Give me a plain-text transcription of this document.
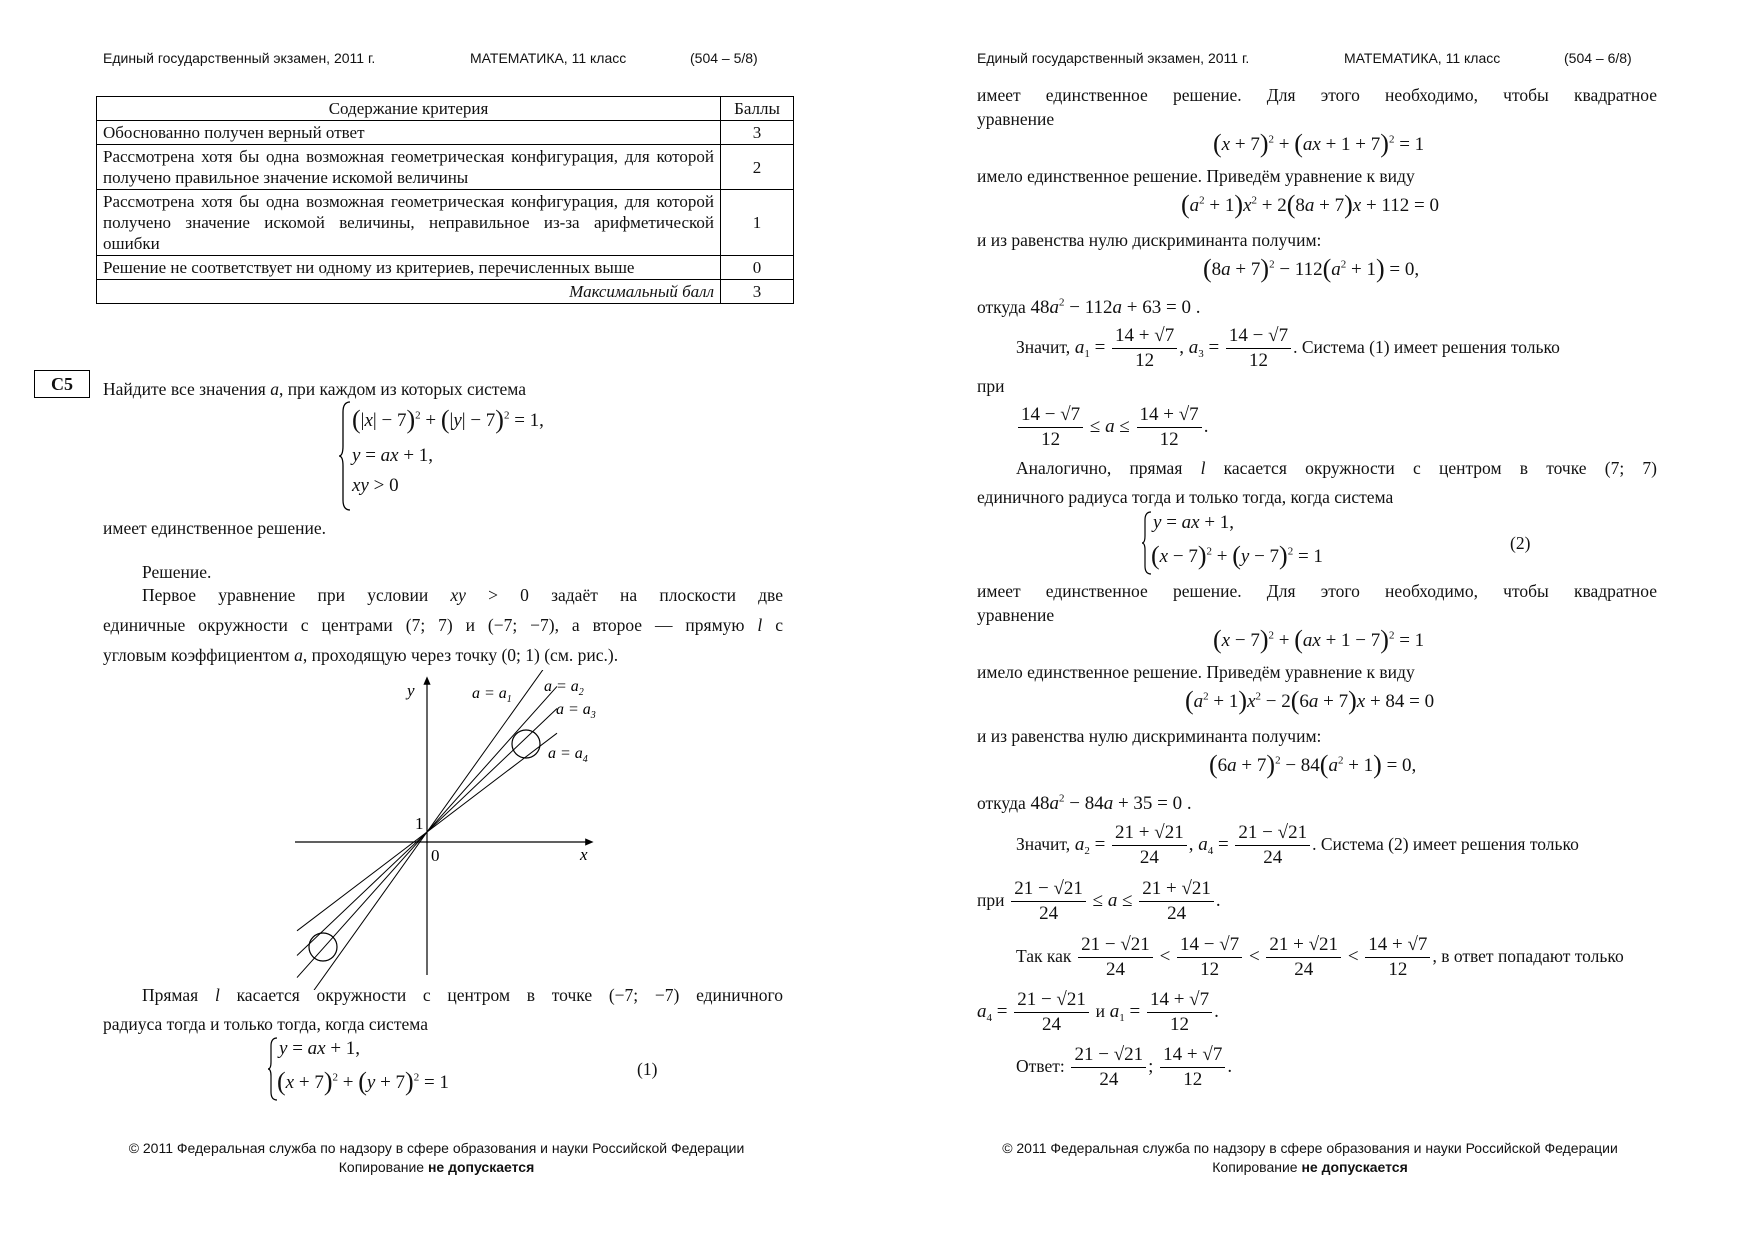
Единый государственный экзамен, 2011 г.	МАТЕМАТИКА, 11 класс	(504 – 5/8)
Содержание критерия	Баллы
Обоснованно получен верный ответ	3
Рассмотрена хотя бы одна возможная геометрическая конфигурация, для которой получено правильное значение искомой величины	2
Рассмотрена хотя бы одна возможная геометрическая конфигурация, для которой получено значение искомой величины, неправильное из-за арифметической ошибки	1
Решение не соответствует ни одному из критериев, перечисленных выше	0
Максимальный балл	3
C5	Найдите все значения a, при каждом из которых система
$(|x| - 7)^2 + (|y| - 7)^2 = 1$,
y = ax + 1,
xy > 0
имеет единственное решение.
Решение.
Первое уравнение при условии xy > 0 задаёт на плоскости две
единичные окружности с центрами (7; 7) и (−7; −7), а второе — прямую l с
угловым коэффициентом a, проходящую через точку (0; 1) (см. рис.).
y
x
1
0
$a = a_1$
$a = a_2$
$a = a_3$
$a = a_4$
Прямая l касается окружности с центром в точке (−7; −7) единичного
радиуса тогда и только тогда, когда система
y = ax + 1,
$(x + 7)^2 + (y + 7)^2 = 1$
(1)
© 2011 Федеральная служба по надзору в сфере образования и науки Российской Федерации
Копирование не допускается
Единый государственный экзамен, 2011 г.	МАТЕМАТИКА, 11 класс	(504 – 6/8)
имеет единственное решение. Для этого необходимо, чтобы квадратное
уравнение
$(x + 7)^2 + (ax + 1 + 7)^2 = 1$
имело единственное решение. Приведём уравнение к виду
$(a^2 + 1)x^2 + 2(8a + 7)x + 112 = 0$
и из равенства нулю дискриминанта получим:
$(8a + 7)^2 - 112(a^2 + 1) = 0$,
откуда $48a^2 - 112a + 63 = 0$ .
Значит, $a_1 = \frac{14 + √7}{12}$ , $a_3 = \frac{14 - √7}{12}$ . Система (1) имеет решения только
при
$\frac{14 - √7}{12} \le a \le \frac{14 + √7}{12}$ .
Аналогично, прямая l касается окружности с центром в точке (7; 7)
единичного радиуса тогда и только тогда, когда система
y = ax + 1,
$(x - 7)^2 + (y - 7)^2 = 1$
(2)
имеет единственное решение. Для этого необходимо, чтобы квадратное
уравнение
$(x - 7)^2 + (ax + 1 - 7)^2 = 1$
имело единственное решение. Приведём уравнение к виду
$(a^2 + 1)x^2 - 2(6a + 7)x + 84 = 0$
и из равенства нулю дискриминанта получим:
$(6a + 7)^2 - 84(a^2 + 1) = 0$,
откуда $48a^2 - 84a + 35 = 0$ .
Значит, $a_2 = \frac{21 + √21}{24}$ , $a_4 = \frac{21 - √21}{24}$ . Система (2) имеет решения только
при $\frac{21 - √21}{24} \le a \le \frac{21 + √21}{24}$ .
Так как $\frac{21 - √21}{24} < \frac{14 - √7}{12} < \frac{21 + √21}{24} < \frac{14 + √7}{12}$ , в ответ попадают только
$a_4 = \frac{21 - √21}{24}$ и $a_1 = \frac{14 + √7}{12}$ .
Ответ: $\frac{21 - √21}{24}$ ; $\frac{14 + √7}{12}$ .
© 2011 Федеральная служба по надзору в сфере образования и науки Российской Федерации
Копирование не допускается
